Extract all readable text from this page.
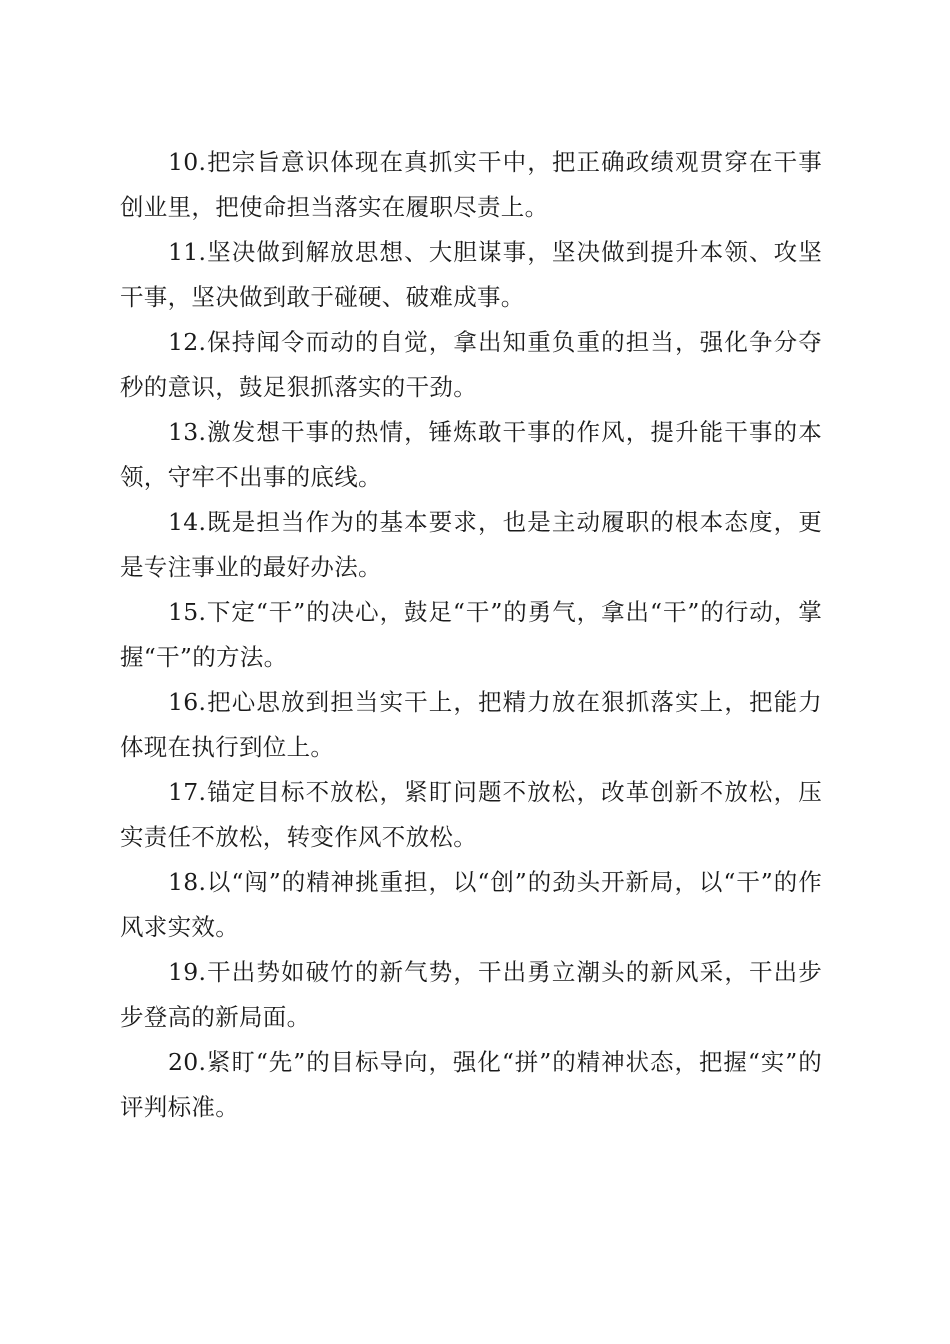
10.把宗旨意识体现在真抓实干中，把正确政绩观贯穿在干事创业里，把使命担当落实在履职尽责上。

11.坚决做到解放思想、大胆谋事，坚决做到提升本领、攻坚干事，坚决做到敢于碰硬、破难成事。

12.保持闻令而动的自觉，拿出知重负重的担当，强化争分夺秒的意识，鼓足狠抓落实的干劲。

13.激发想干事的热情，锤炼敢干事的作风，提升能干事的本领，守牢不出事的底线。

14.既是担当作为的基本要求，也是主动履职的根本态度，更是专注事业的最好办法。

15.下定“干”的决心，鼓足“干”的勇气，拿出“干”的行动，掌握“干”的方法。

16.把心思放到担当实干上，把精力放在狠抓落实上，把能力体现在执行到位上。

17.锚定目标不放松，紧盯问题不放松，改革创新不放松，压实责任不放松，转变作风不放松。

18.以“闯”的精神挑重担，以“创”的劲头开新局，以“干”的作风求实效。

19.干出势如破竹的新气势，干出勇立潮头的新风采，干出步步登高的新局面。

20.紧盯“先”的目标导向，强化“拼”的精神状态，把握“实”的评判标准。
